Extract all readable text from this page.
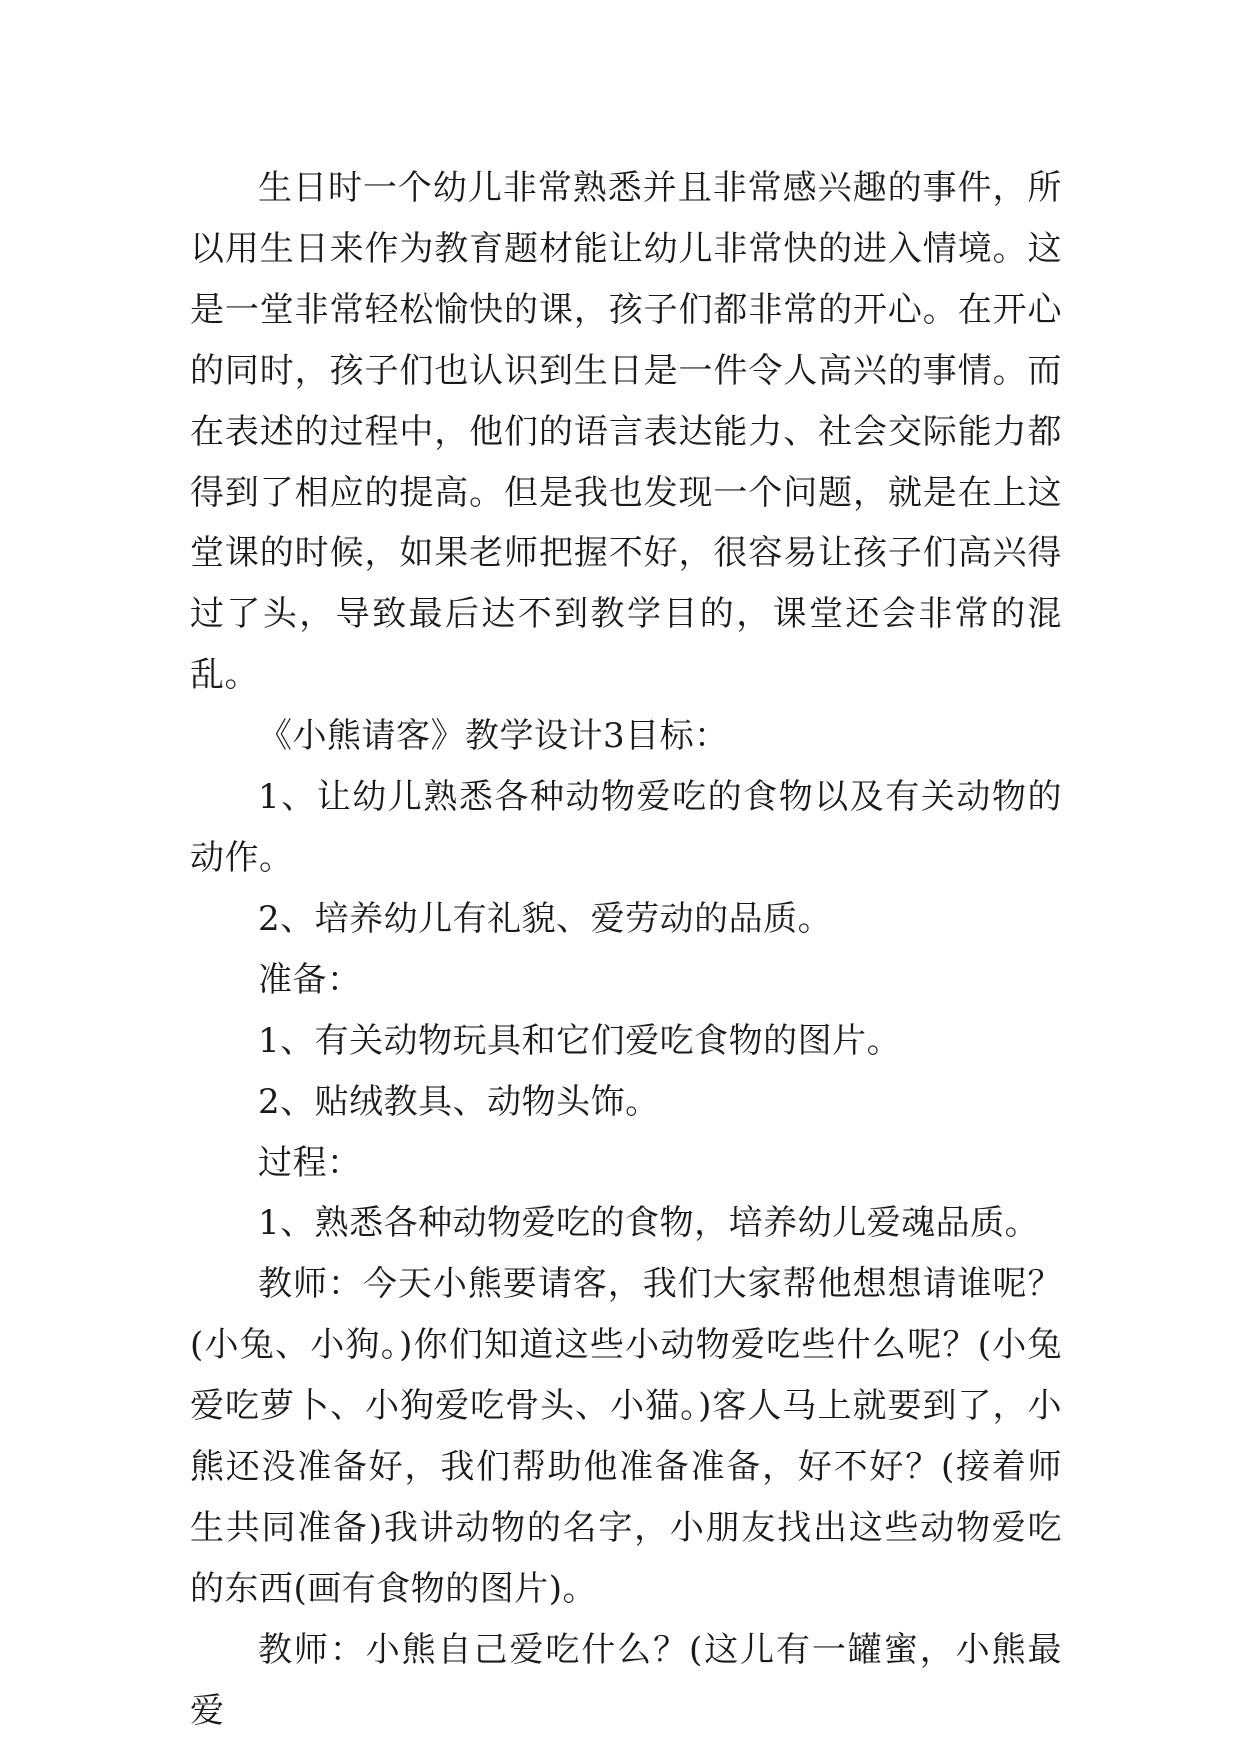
生日时一个幼儿非常熟悉并且非常感兴趣的事件，所以用生日来作为教育题材能让幼儿非常快的进入情境。这是一堂非常轻松愉快的课，孩子们都非常的开心。在开心的同时，孩子们也认识到生日是一件令人高兴的事情。而在表述的过程中，他们的语言表达能力、社会交际能力都得到了相应的提高。但是我也发现一个问题，就是在上这堂课的时候，如果老师把握不好，很容易让孩子们高兴得过了头，导致最后达不到教学目的，课堂还会非常的混乱。

《小熊请客》教学设计3目标：

1、让幼儿熟悉各种动物爱吃的食物以及有关动物的动作。

2、培养幼儿有礼貌、爱劳动的品质。

准备：

1、有关动物玩具和它们爱吃食物的图片。

2、贴绒教具、动物头饰。

过程：

1、熟悉各种动物爱吃的食物，培养幼儿爱魂品质。

教师：今天小熊要请客，我们大家帮他想想请谁呢？(小兔、小狗。)你们知道这些小动物爱吃些什么呢？(小兔爱吃萝卜、小狗爱吃骨头、小猫。)客人马上就要到了，小熊还没准备好，我们帮助他准备准备，好不好？(接着师生共同准备)我讲动物的名字，小朋友找出这些动物爱吃的东西(画有食物的图片)。

教师：小熊自己爱吃什么？(这儿有一罐蜜，小熊最爱
